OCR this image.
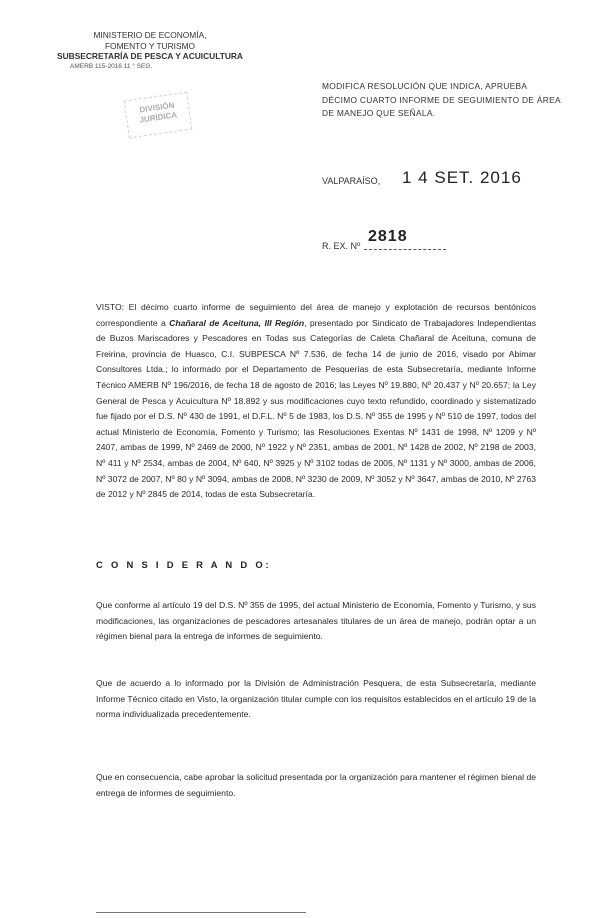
MINISTERIO DE ECONOMÍA,
FOMENTO Y TURISMO
SUBSECRETARÍA DE PESCA Y ACUICULTURA
AMERB 115-2016 11 ° SEG.
DIVISIÓN
JURÍDICA
MODIFICA RESOLUCIÓN QUE INDICA, APRUEBA DÉCIMO CUARTO INFORME DE SEGUIMIENTO DE ÁREA DE MANEJO QUE SEÑALA.
VALPARAÍSO, 1 4 SET. 2016
R. EX. Nº
2818
VISTO: El décimo cuarto informe de seguimiento del área de manejo y explotación de recursos bentónicos correspondiente a Chañaral de Aceituna, III Región, presentado por Sindicato de Trabajadores Independientas de Buzos Mariscadores y Pescadores en Todas sus Categorías de Caleta Chañaral de Aceituna, comuna de Freirina, provincia de Huasco, C.I. SUBPESCA Nº 7.536, de fecha 14 de junio de 2016, visado por Abimar Consultores Ltda.; lo informado por el Departamento de Pesquerías de esta Subsecretaría, mediante Informe Técnico AMERB Nº 196/2016, de fecha 18 de agosto de 2016; las Leyes Nº 19.880, Nº 20.437 y Nº 20.657; la Ley General de Pesca y Acuicultura Nº 18.892 y sus modificaciones cuyo texto refundido, coordinado y sistematizado fue fijado por el D.S. Nº 430 de 1991, el D.F.L. Nº 5 de 1983, los D.S. Nº 355 de 1995 y Nº 510 de 1997, todos del actual Ministerio de Economía, Fomento y Turismo; las Resoluciones Exentas Nº 1431 de 1998, Nº 1209 y Nº 2407, ambas de 1999, Nº 2469 de 2000, Nº 1922 y Nº 2351, ambas de 2001, Nº 1428 de 2002, Nº 2198 de 2003, Nº 411 y Nº 2534, ambas de 2004, Nº 640, Nº 3925 y Nº 3102 todas de 2005, Nº 1131 y Nº 3000, ambas de 2006, Nº 3072 de 2007, Nº 80 y Nº 3094, ambas de 2008, Nº 3230 de 2009, Nº 3052 y Nº 3647, ambas de 2010, Nº 2763 de 2012 y Nº 2845 de 2014, todas de esta Subsecretaría.
C O N S I D E R A N D O:
Que conforme al artículo 19 del D.S. Nº 355 de 1995, del actual Ministerio de Economía, Fomento y Turismo, y sus modificaciones, las organizaciones de pescadores artesanales titulares de un área de manejo, podrán optar a un régimen bienal para la entrega de informes de seguimiento.
Que de acuerdo a lo informado por la División de Administración Pesquera, de esta Subsecretaría, mediante Informe Técnico citado en Visto, la organización titular cumple con los requisitos establecidos en el artículo 19 de la norma individualizada precedentemente.
Que en consecuencia, cabe aprobar la solicitud presentada por la organización para mantener el régimen bienal de entrega de informes de seguimiento.
